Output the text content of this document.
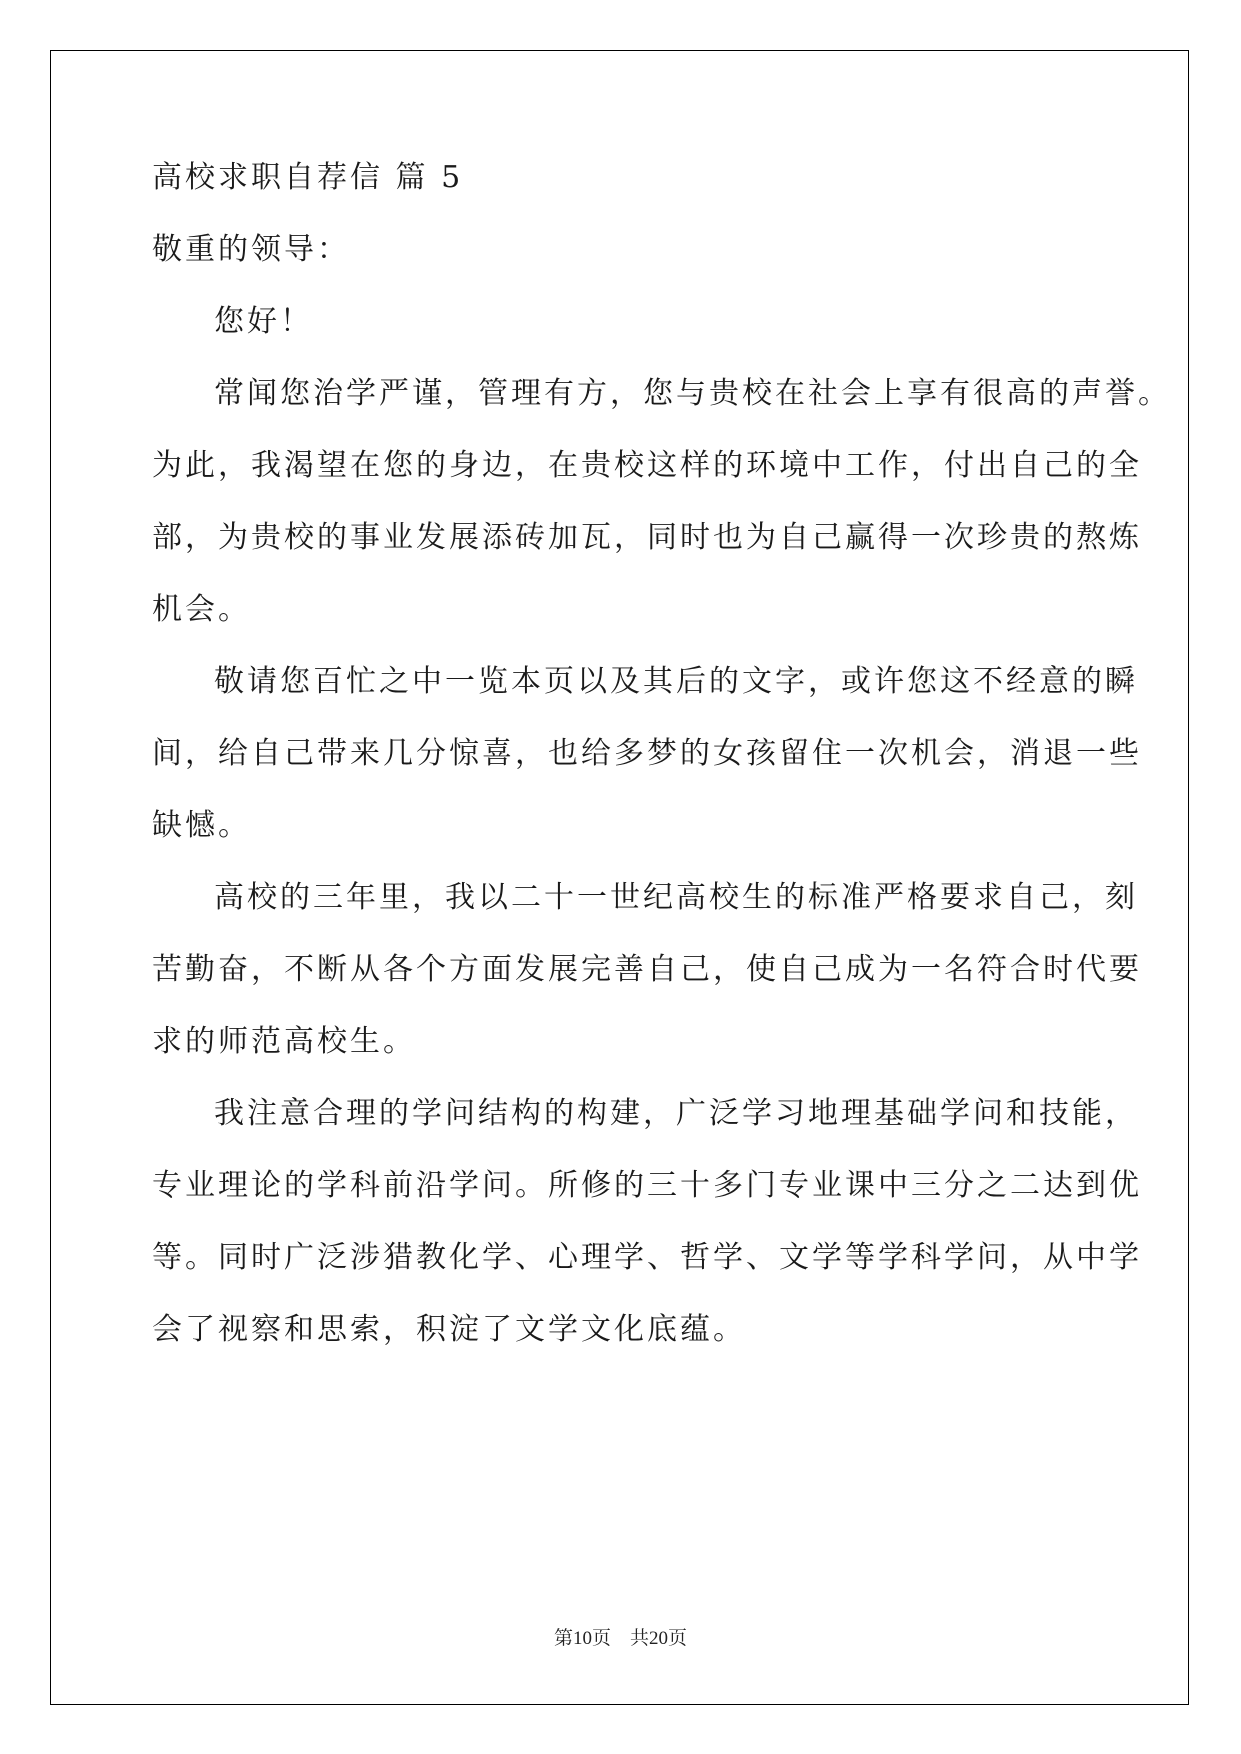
高校求职自荐信 篇 5
敬重的领导：
您好！
常闻您治学严谨，管理有方，您与贵校在社会上享有很高的声誉。
为此，我渴望在您的身边，在贵校这样的环境中工作，付出自己的全
部，为贵校的事业发展添砖加瓦，同时也为自己赢得一次珍贵的熬炼
机会。
敬请您百忙之中一览本页以及其后的文字，或许您这不经意的瞬
间，给自己带来几分惊喜，也给多梦的女孩留住一次机会，消退一些
缺憾。
高校的三年里，我以二十一世纪高校生的标准严格要求自己，刻
苦勤奋，不断从各个方面发展完善自己，使自己成为一名符合时代要
求的师范高校生。
我注意合理的学问结构的构建，广泛学习地理基础学问和技能，
专业理论的学科前沿学问。所修的三十多门专业课中三分之二达到优
等。同时广泛涉猎教化学、心理学、哲学、文学等学科学问，从中学
会了视察和思索，积淀了文学文化底蕴。
第10页　共20页
